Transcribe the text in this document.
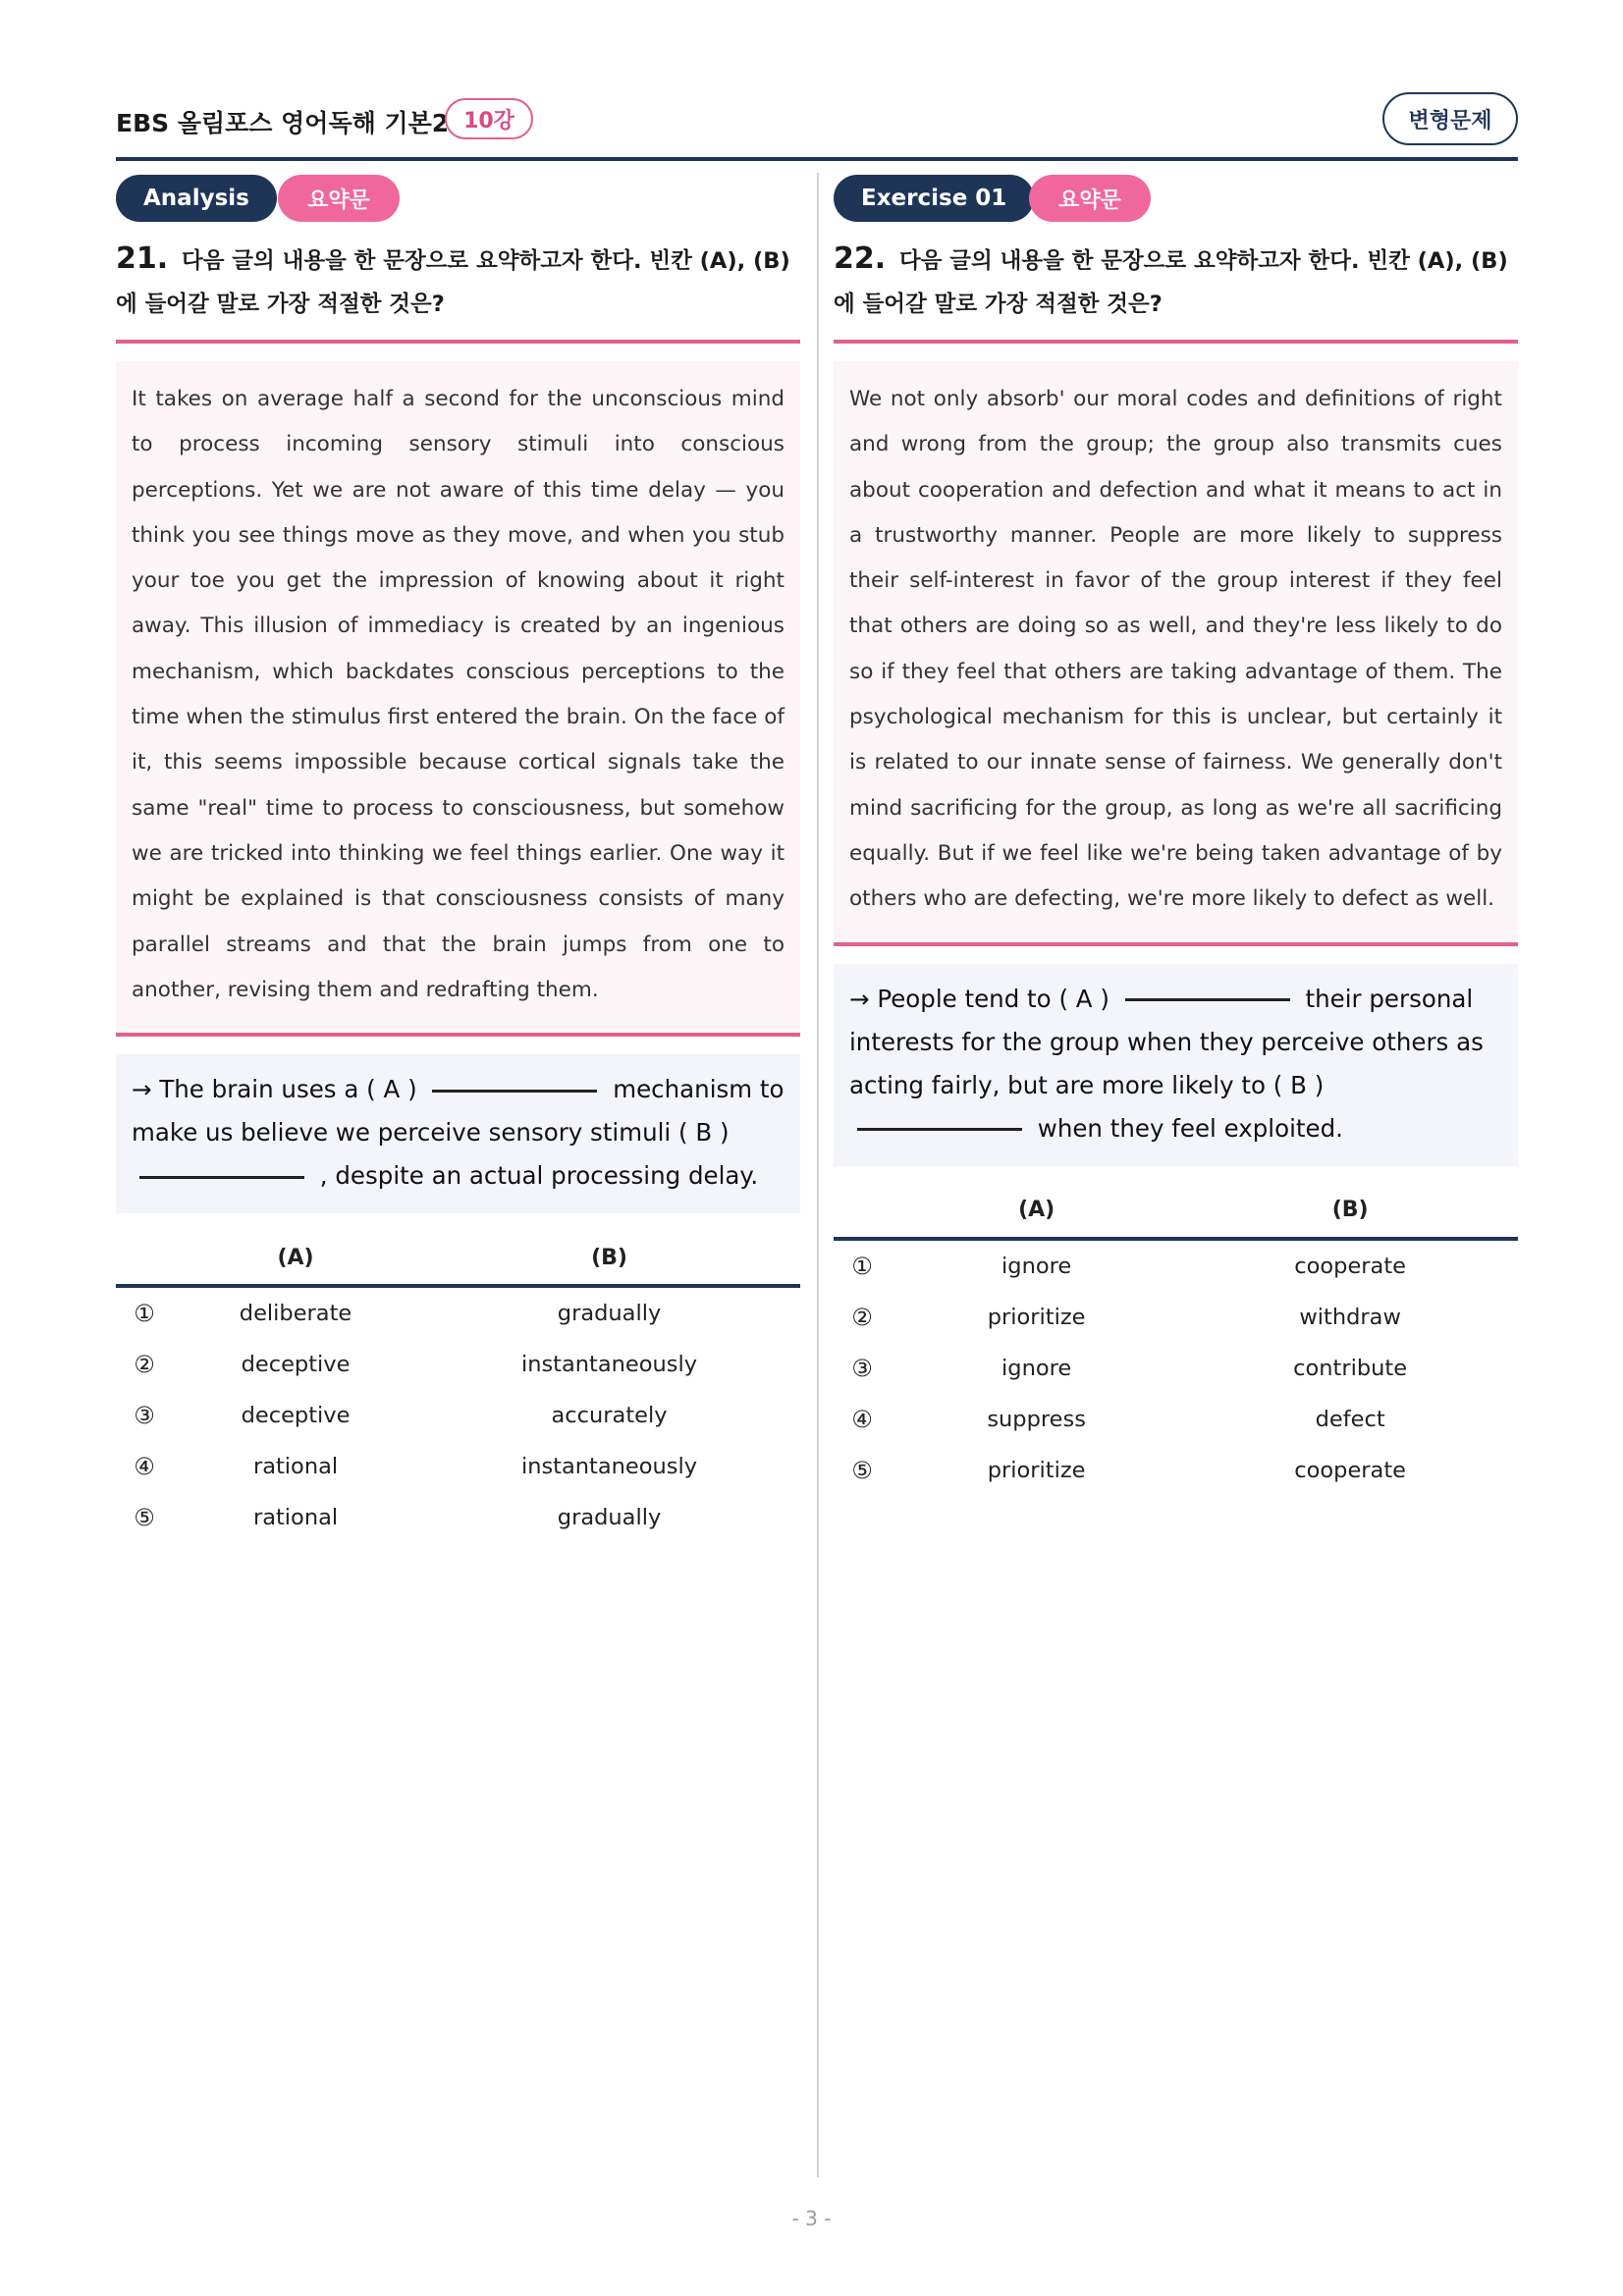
EBS 올림포스 영어독해 기본2 10강	변형문제
Analysis	요약문
21. 다음 글의 내용을 한 문장으로 요약하고자 한다. 빈칸 (A), (B)에 들어갈 말로 가장 적절한 것은?
It takes on average half a second for the unconscious mind to process incoming sensory stimuli into conscious perceptions. Yet we are not aware of this time delay — you think you see things move as they move, and when you stub your toe you get the impression of knowing about it right away. This illusion of immediacy is created by an ingenious mechanism, which backdates conscious perceptions to the time when the stimulus first entered the brain. On the face of it, this seems impossible because cortical signals take the same "real" time to process to consciousness, but somehow we are tricked into thinking we feel things earlier. One way it might be explained is that consciousness consists of many parallel streams and that the brain jumps from one to another, revising them and redrafting them.
→ The brain uses a ( A )	mechanism to make us believe we perceive sensory stimuli ( B )  , despite an actual processing delay.
	(A)	(B)
①	deliberate	gradually
②	deceptive	instantaneously
③	deceptive	accurately
④	rational	instantaneously
⑤	rational	gradually
Exercise 01	요약문
22. 다음 글의 내용을 한 문장으로 요약하고자 한다. 빈칸 (A), (B)에 들어갈 말로 가장 적절한 것은?
We not only absorb' our moral codes and definitions of right and wrong from the group; the group also transmits cues about cooperation and defection and what it means to act in a trustworthy manner. People are more likely to suppress their self-interest in favor of the group interest if they feel that others are doing so as well, and they're less likely to do so if they feel that others are taking advantage of them. The psychological mechanism for this is unclear, but certainly it is related to our innate sense of fairness. We generally don't mind sacrificing for the group, as long as we're all sacrificing equally. But if we feel like we're being taken advantage of by others who are defecting, we're more likely to defect as well.
→ People tend to ( A )	their personal interests for the group when they perceive others as acting fairly, but are more likely to ( B )  when they feel exploited.
	(A)	(B)
①	ignore	cooperate
②	prioritize	withdraw
③	ignore	contribute
④	suppress	defect
⑤	prioritize	cooperate
- 3 -
